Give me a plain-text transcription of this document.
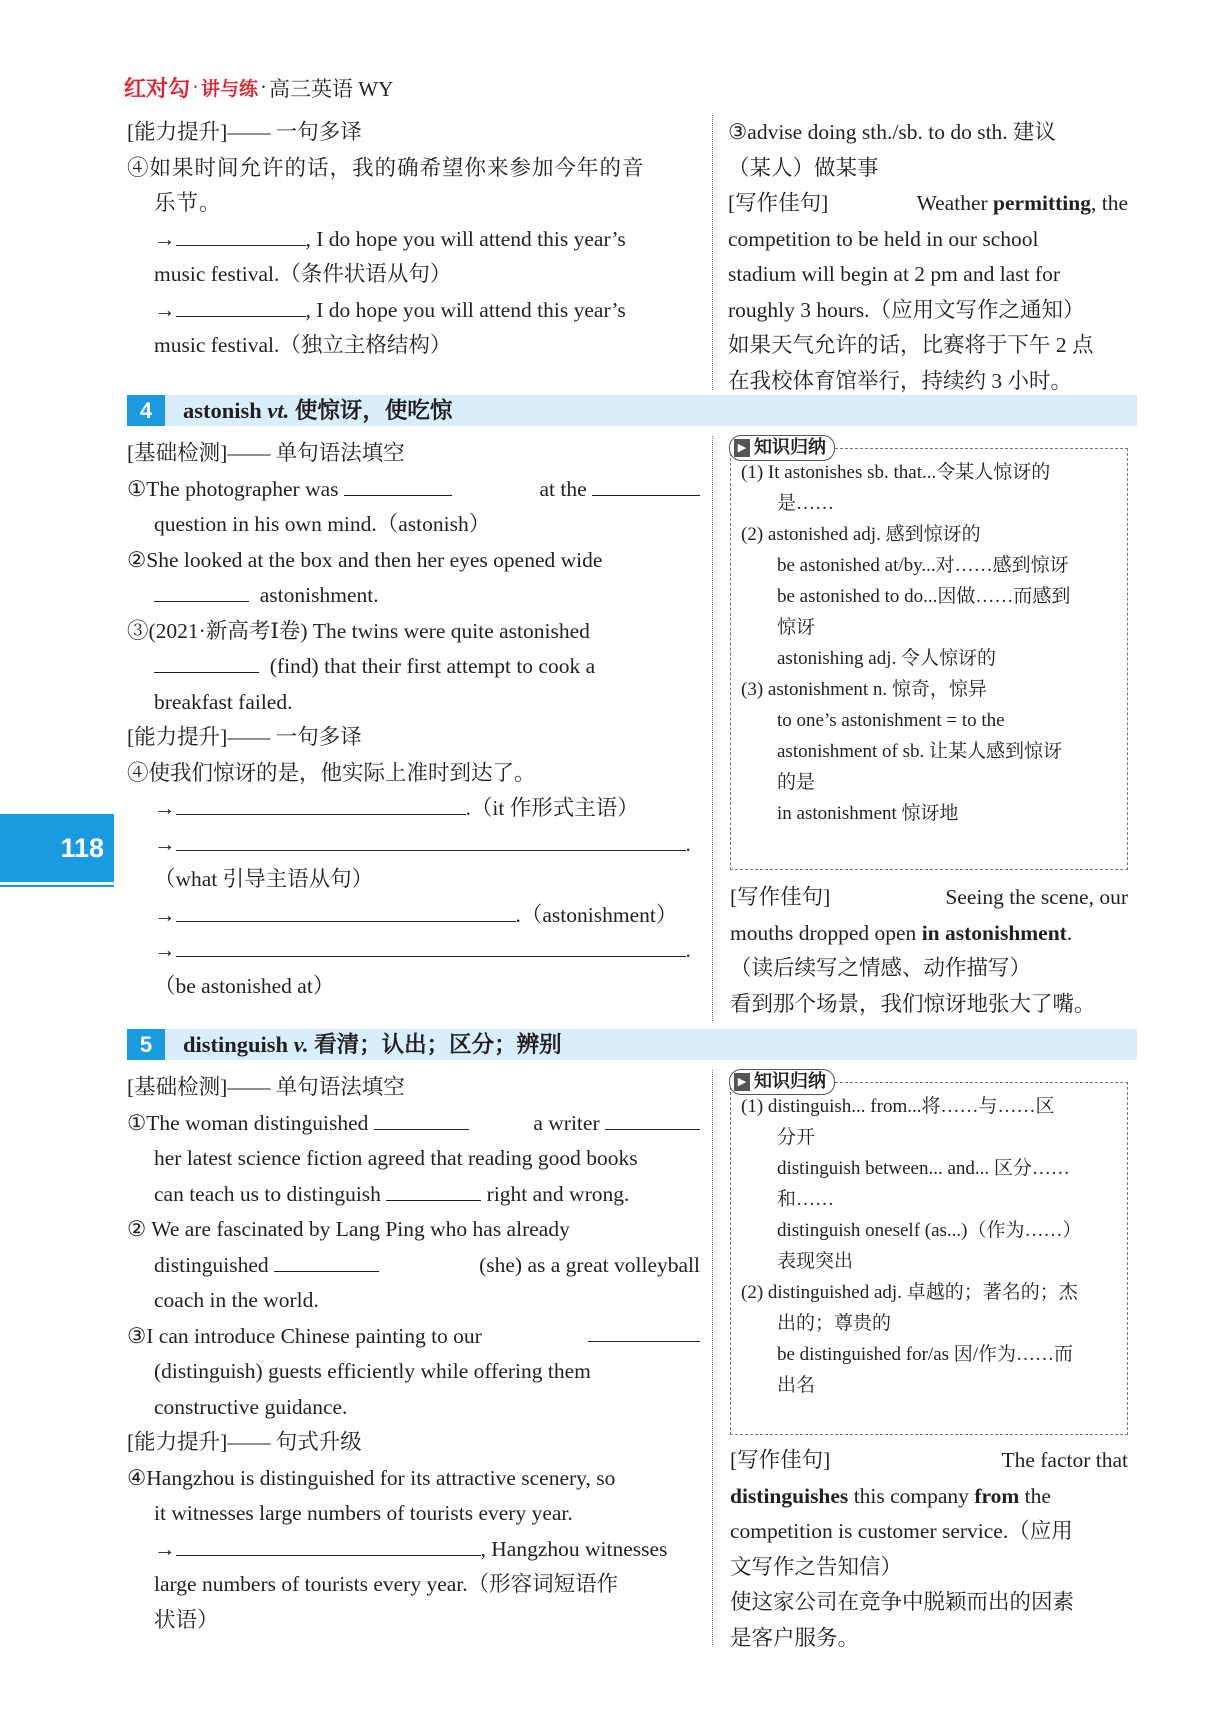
红对勾 · 讲与练 · 高三英语 WY
118

[能力提升]—— 一句多译

④如果时间允许的话，我的确希望你来参加今年的音

乐节。

→	, I do hope you will attend this year’s

music festival.（条件状语从句）

→	, I do hope you will attend this year’s

music festival.（独立主格结构）

③advise doing sth./sb. to do sth. 建议

（某人）做某事

[写作佳句]	Weather permitting, the

competition to be held in our school

stadium will begin at 2 pm and last for

roughly 3 hours.（应用文写作之通知）

如果天气允许的话，比赛将于下午 2 点

在我校体育馆举行，持续约 3 小时。

4	astonish vt. 使惊讶，使吃惊

[基础检测]—— 单句语法填空

①The photographer was	at the

question in his own mind.（astonish）

②She looked at the box and then her eyes opened wide

astonishment.

③(2021·新高考Ⅰ卷) The twins were quite astonished

(find) that their first attempt to cook a

breakfast failed.

[能力提升]—— 一句多译

④使我们惊讶的是，他实际上准时到达了。

→	.（it 作形式主语）

→	.

（what 引导主语从句）

→	.（astonishment）

→	.

（be astonished at）

▶ 知识归纳

(1) It astonishes sb. that...令某人惊讶的

是……

(2) astonished adj. 感到惊讶的

be astonished at/by...对……感到惊讶

be astonished to do...因做……而感到

惊讶

astonishing adj. 令人惊讶的

(3) astonishment n. 惊奇，惊异

to one’s astonishment = to the

astonishment of sb. 让某人感到惊讶

的是

in astonishment 惊讶地

[写作佳句]	Seeing the scene, our

mouths dropped open in astonishment.

（读后续写之情感、动作描写）

看到那个场景，我们惊讶地张大了嘴。

5	distinguish v. 看清；认出；区分；辨别

[基础检测]—— 单句语法填空

①The woman distinguished	a writer

her latest science fiction agreed that reading good books

can teach us to distinguish	right and wrong.

② We are fascinated by Lang Ping who has already

distinguished	(she) as a great volleyball

coach in the world.

③I can introduce Chinese painting to our

(distinguish) guests efficiently while offering them

constructive guidance.

[能力提升]—— 句式升级

④Hangzhou is distinguished for its attractive scenery, so

it witnesses large numbers of tourists every year.

→	, Hangzhou witnesses

large numbers of tourists every year.（形容词短语作

状语）

▶ 知识归纳

(1) distinguish... from...将……与……区

分开

distinguish between... and... 区分……

和……

distinguish oneself (as...)（作为……）

表现突出

(2) distinguished adj. 卓越的；著名的；杰

出的；尊贵的

be distinguished for/as 因/作为……而

出名

[写作佳句]	The factor that

distinguishes this company from the

competition is customer service.（应用

文写作之告知信）

使这家公司在竞争中脱颖而出的因素

是客户服务。
